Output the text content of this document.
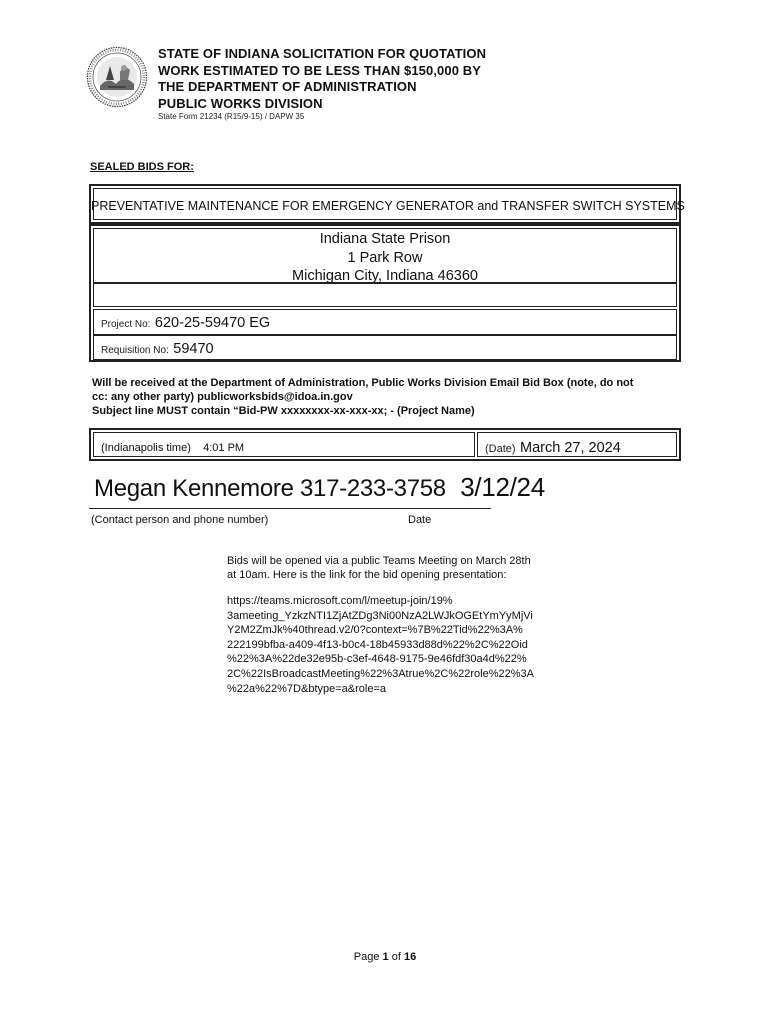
STATE OF INDIANA SOLICITATION FOR QUOTATION
WORK ESTIMATED TO BE LESS THAN $150,000 BY
THE DEPARTMENT OF ADMINISTRATION
PUBLIC WORKS DIVISION
State Form 21234 (R15/9-15) / DAPW 35
SEALED BIDS FOR:
PREVENTATIVE MAINTENANCE FOR EMERGENCY GENERATOR and TRANSFER SWITCH SYSTEMS
Indiana State Prison
1 Park Row
Michigan City, Indiana 46360
Project No: 620-25-59470 EG
Requisition No: 59470
Will be received at the Department of Administration, Public Works Division Email Bid Box (note, do not
cc: any other party) publicworksbids@idoa.in.gov
Subject line MUST contain “Bid-PW xxxxxxxx-xx-xxx-xx; - (Project Name)
(Indianapolis time) 4:01 PM	(Date) March 27, 2024
Megan Kennemore 317-233-3758 3/12/24
(Contact person and phone number)	Date
Bids will be opened via a public Teams Meeting on March 28th
at 10am. Here is the link for the bid opening presentation:
https://teams.microsoft.com/l/meetup-join/19%
3ameeting_YzkzNTI1ZjAtZDg3Ni00NzA2LWJkOGEtYmYyMjVi
Y2M2ZmJk%40thread.v2/0?context=%7B%22Tid%22%3A%
222199bfba-a409-4f13-b0c4-18b45933d88d%22%2C%22Oid
%22%3A%22de32e95b-c3ef-4648-9175-9e46fdf30a4d%22%
2C%22IsBroadcastMeeting%22%3Atrue%2C%22role%22%3A
%22a%22%7D&btype=a&role=a
Page 1 of 16
